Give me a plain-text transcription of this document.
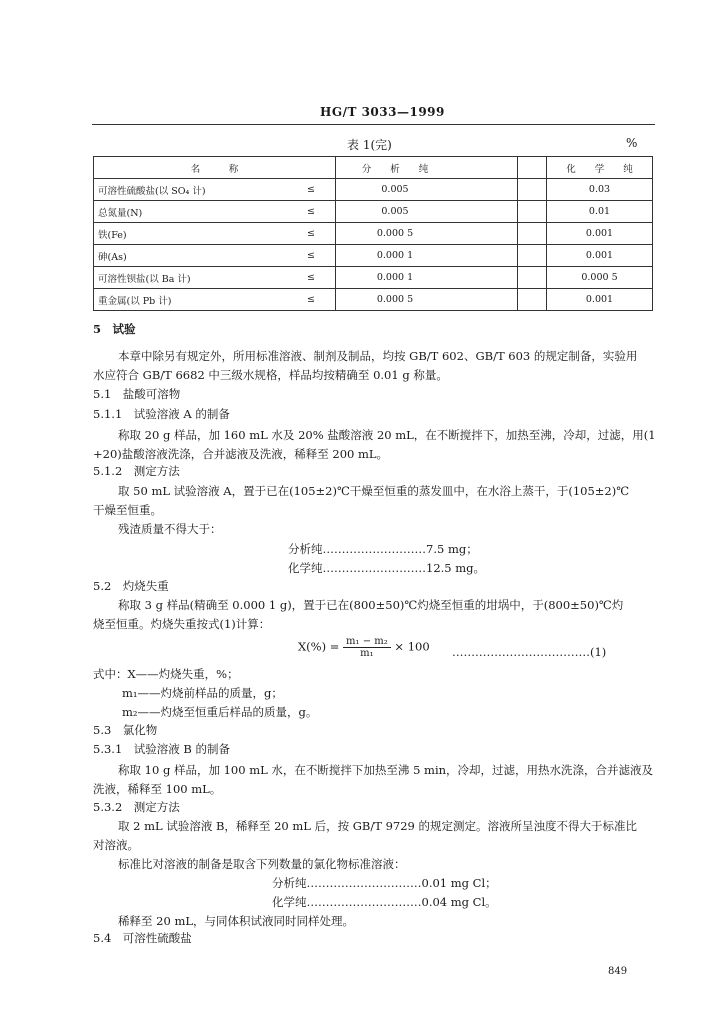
HG/T 3033—1999
表 1(完)	%
名　　　称		分　　析　　纯			化　　学　　纯
可溶性硫酸盐(以 SO₄ 计)	≤	0.005			0.03
总氮量(N)	≤	0.005			0.01
铁(Fe)	≤	0.000 5			0.001
砷(As)	≤	0.000 1			0.001
可溶性钡盐(以 Ba 计)	≤	0.000 1			0.000 5
重金属(以 Pb 计)	≤	0.000 5			0.001
5　试验
本章中除另有规定外，所用标准溶液、制剂及制品，均按 GB/T 602、GB/T 603 的规定制备，实验用
水应符合 GB/T 6682 中三级水规格，样品均按精确至 0.01 g 称量。
5.1　盐酸可溶物
5.1.1　试验溶液 A 的制备
称取 20 g 样品，加 160 mL 水及 20% 盐酸溶液 20 mL，在不断搅拌下，加热至沸，冷却，过滤，用(1
+20)盐酸溶液洗涤，合并滤液及洗液，稀释至 200 mL。
5.1.2　测定方法
取 50 mL 试验溶液 A，置于已在(105±2)℃干燥至恒重的蒸发皿中，在水浴上蒸干，于(105±2)℃
干燥至恒重。
残渣质量不得大于：
分析纯………………………7.5 mg；
化学纯………………………12.5 mg。
5.2　灼烧失重
称取 3 g 样品(精确至 0.000 1 g)，置于已在(800±50)℃灼烧至恒重的坩埚中，于(800±50)℃灼
烧至恒重。灼烧失重按式(1)计算：
$X(\%) = \frac{\text{m₁ − m₂}}{\text{m₁}} \times 100$ ………………………………(1)
式中：X——灼烧失重，%；
m₁——灼烧前样品的质量，g；
m₂——灼烧至恒重后样品的质量，g。
5.3　氯化物
5.3.1　试验溶液 B 的制备
称取 10 g 样品，加 100 mL 水，在不断搅拌下加热至沸 5 min，冷却，过滤，用热水洗涤，合并滤液及
洗液，稀释至 100 mL。
5.3.2　测定方法
取 2 mL 试验溶液 B，稀释至 20 mL 后，按 GB/T 9729 的规定测定。溶液所呈浊度不得大于标准比
对溶液。
标准比对溶液的制备是取含下列数量的氯化物标准溶液：
分析纯…………………………0.01 mg Cl；
化学纯…………………………0.04 mg Cl。
稀释至 20 mL，与同体积试液同时同样处理。
5.4　可溶性硫酸盐
849
